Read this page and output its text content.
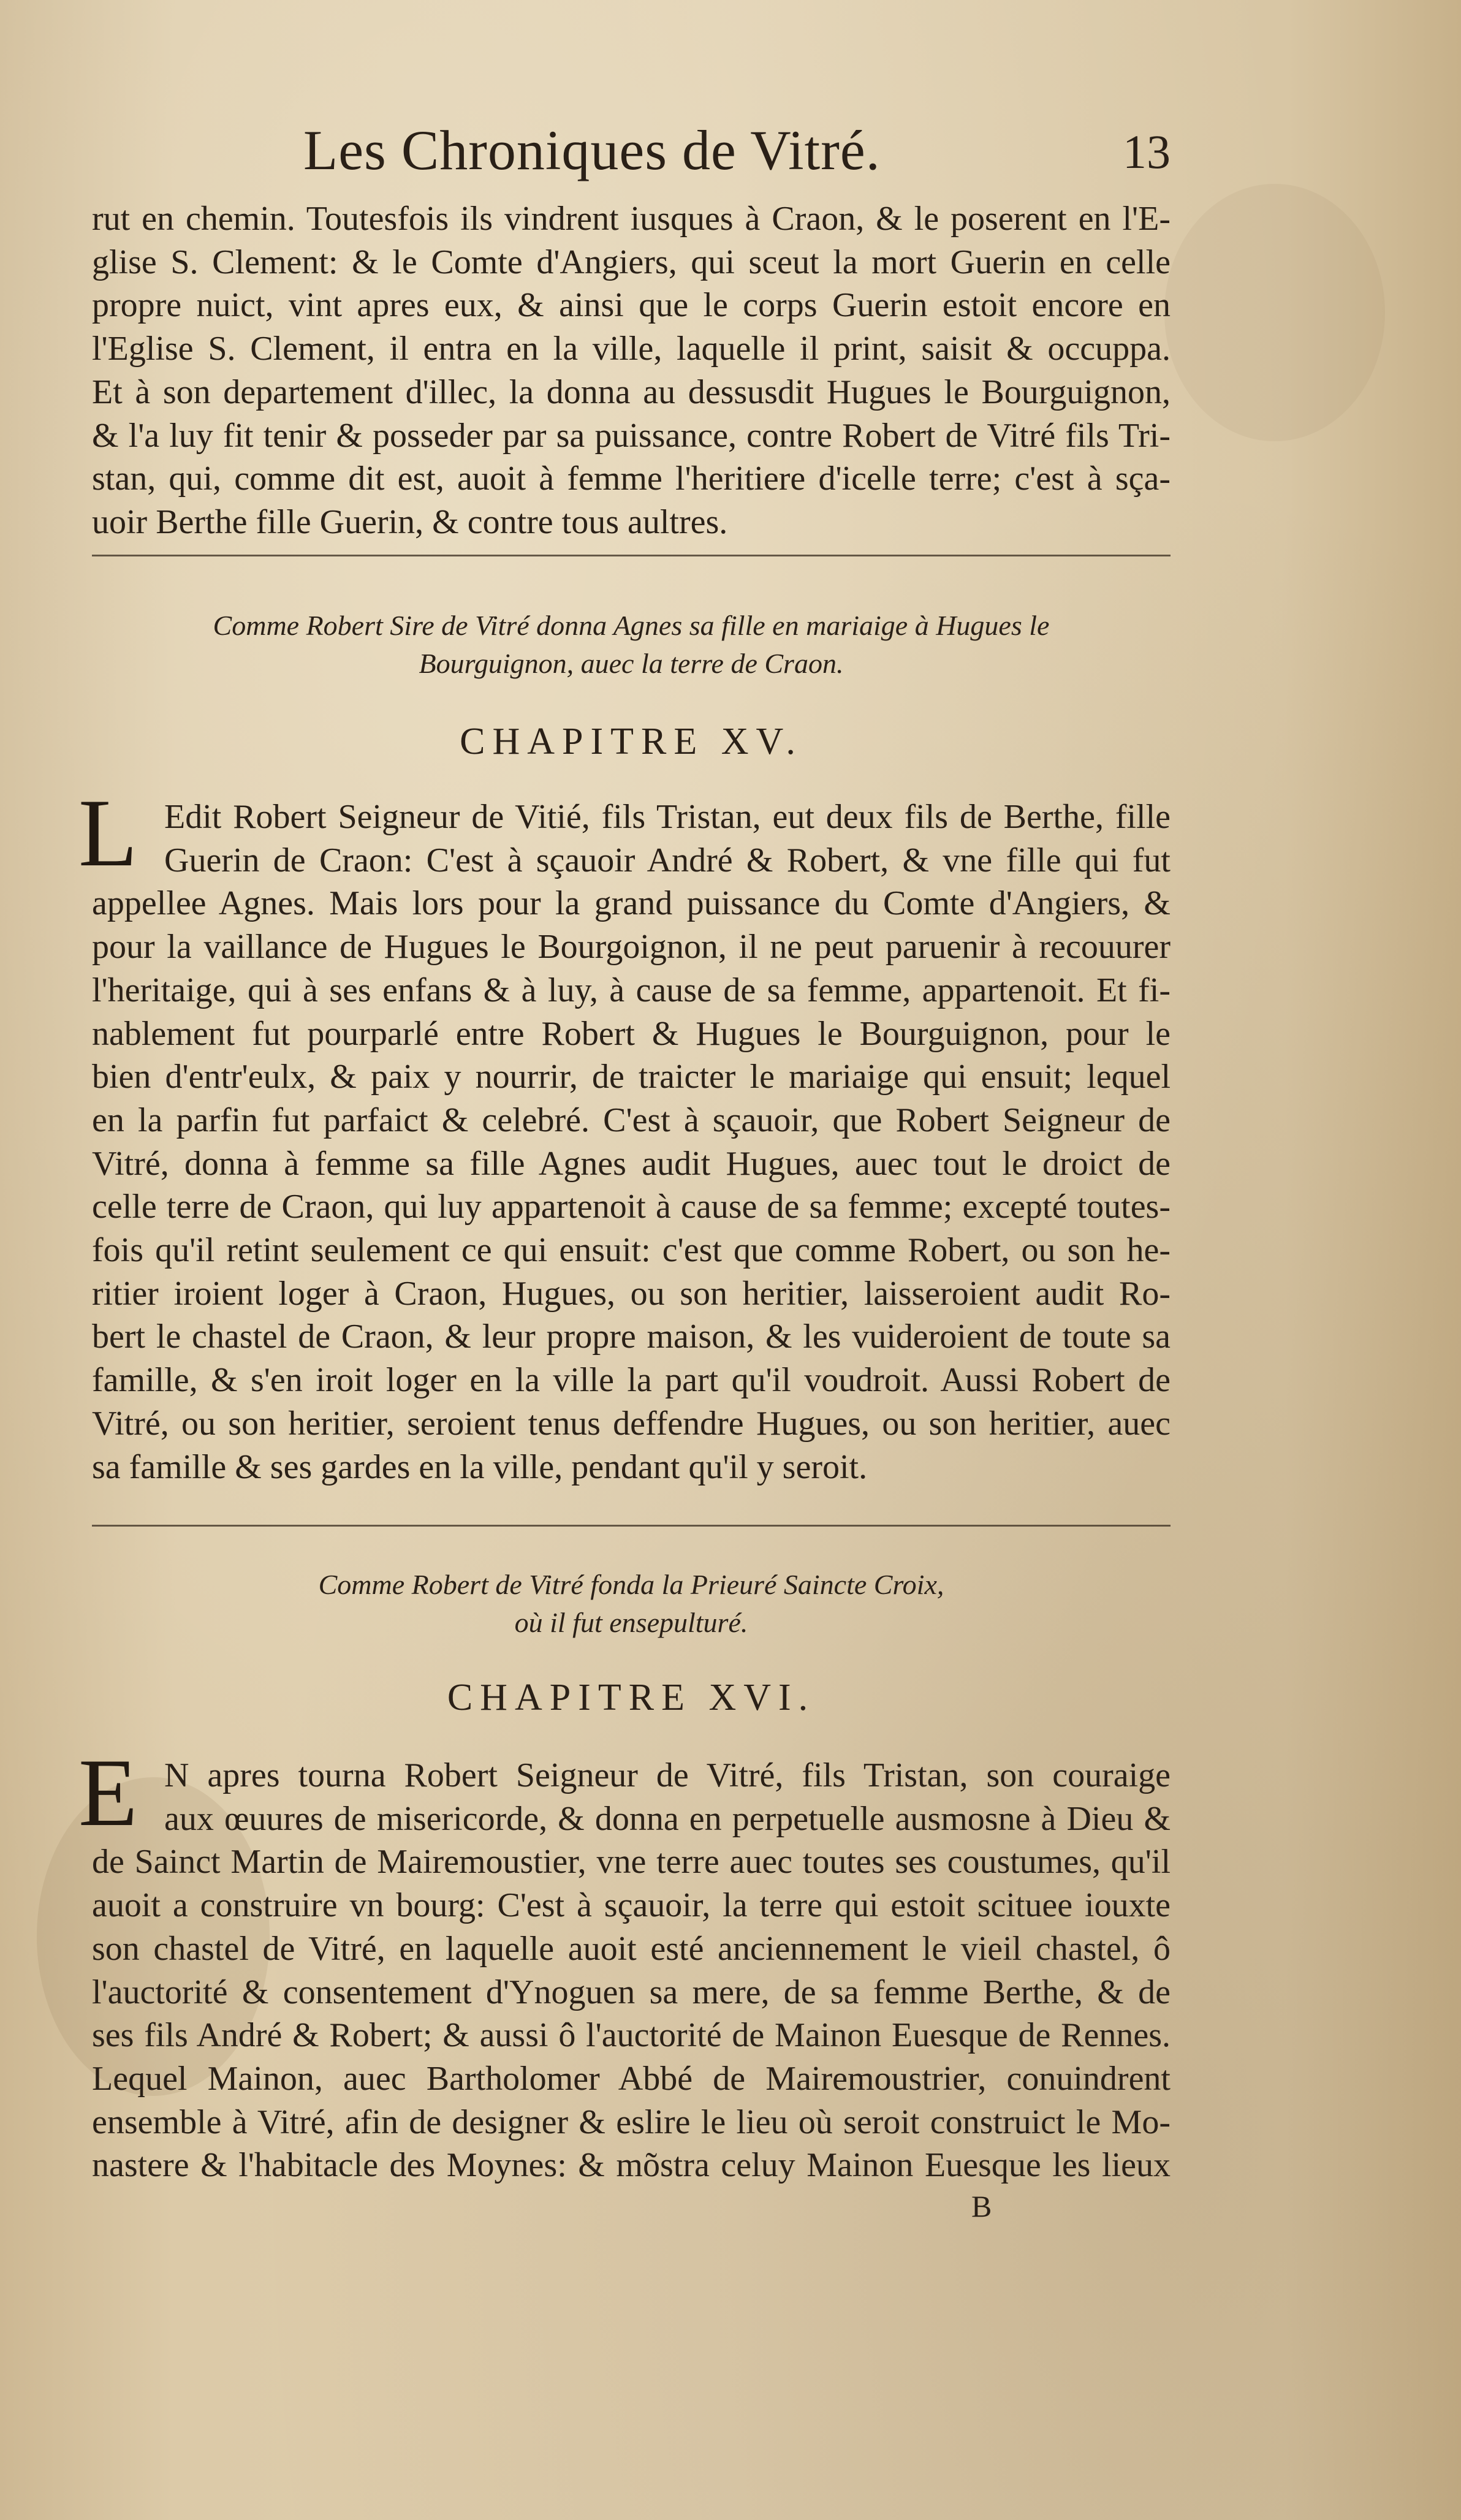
Les Chroniques de Vitré.	13
rut en chemin. Toutesfois ils vindrent iusques à Craon, & le poserent en l'E-
glise S. Clement: & le Comte d'Angiers, qui sceut la mort Guerin en celle
propre nuict, vint apres eux, & ainsi que le corps Guerin estoit encore en
l'Eglise S. Clement, il entra en la ville, laquelle il print, saisit & occuppa.
Et à son departement d'illec, la donna au dessusdit Hugues le Bourguignon,
& l'a luy fit tenir & posseder par sa puissance, contre Robert de Vitré fils Tri-
stan, qui, comme dit est, auoit à femme l'heritiere d'icelle terre; c'est à sça-
uoir Berthe fille Guerin, & contre tous aultres.
Comme Robert Sire de Vitré donna Agnes sa fille en mariaige à Hugues le
Bourguignon, auec la terre de Craon.
CHAPITRE XV.
L Edit Robert Seigneur de Vitié, fils Tristan, eut deux fils de Berthe, fille
Guerin de Craon: C'est à sçauoir André & Robert, & vne fille qui fut
appellee Agnes. Mais lors pour la grand puissance du Comte d'Angiers, &
pour la vaillance de Hugues le Bourgoignon, il ne peut paruenir à recouurer
l'heritaige, qui à ses enfans & à luy, à cause de sa femme, appartenoit. Et fi-
nablement fut pourparlé entre Robert & Hugues le Bourguignon, pour le
bien d'entr'eulx, & paix y nourrir, de traicter le mariaige qui ensuit; lequel
en la parfin fut parfaict & celebré. C'est à sçauoir, que Robert Seigneur de
Vitré, donna à femme sa fille Agnes audit Hugues, auec tout le droict de
celle terre de Craon, qui luy appartenoit à cause de sa femme; excepté toutes-
fois qu'il retint seulement ce qui ensuit: c'est que comme Robert, ou son he-
ritier iroient loger à Craon, Hugues, ou son heritier, laisseroient audit Ro-
bert le chastel de Craon, & leur propre maison, & les vuideroient de toute sa
famille, & s'en iroit loger en la ville la part qu'il voudroit. Aussi Robert de
Vitré, ou son heritier, seroient tenus deffendre Hugues, ou son heritier, auec
sa famille & ses gardes en la ville, pendant qu'il y seroit.
Comme Robert de Vitré fonda la Prieuré Saincte Croix,
où il fut ensepulturé.
CHAPITRE XVI.
E N apres tourna Robert Seigneur de Vitré, fils Tristan, son couraige
aux œuures de misericorde, & donna en perpetuelle ausmosne à Dieu &
de Sainct Martin de Mairemoustier, vne terre auec toutes ses coustumes, qu'il
auoit a construire vn bourg: C'est à sçauoir, la terre qui estoit scituee iouxte
son chastel de Vitré, en laquelle auoit esté anciennement le vieil chastel, ô
l'auctorité & consentement d'Ynoguen sa mere, de sa femme Berthe, & de
ses fils André & Robert; & aussi ô l'auctorité de Mainon Euesque de Rennes.
Lequel Mainon, auec Bartholomer Abbé de Mairemoustrier, conuindrent
ensemble à Vitré, afin de designer & eslire le lieu où seroit construict le Mo-
nastere & l'habitacle des Moynes: & mõstra celuy Mainon Euesque les lieux
B
